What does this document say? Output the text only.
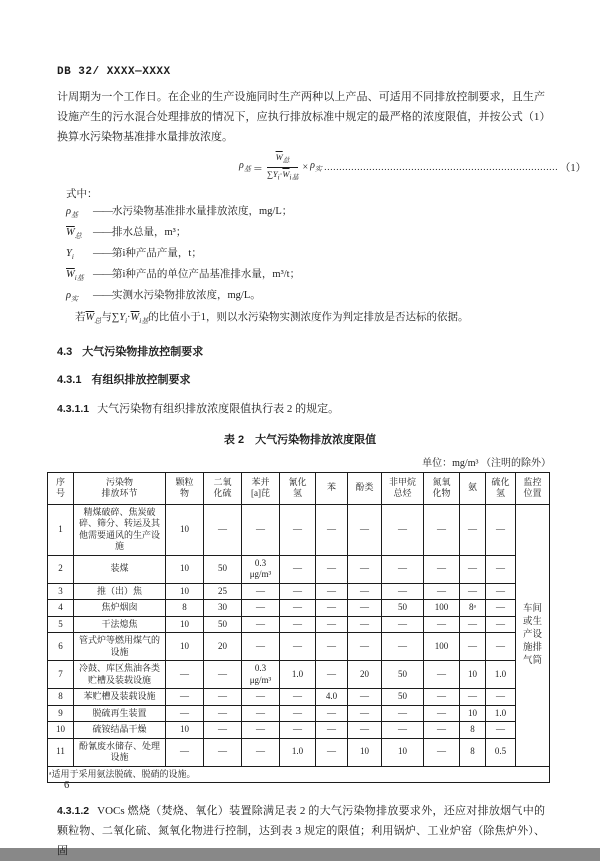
DB 32/ XXXX—XXXX
计周期为一个工作日。在企业的生产设施同时生产两种以上产品、可适用不同排放控制要求，且生产设施产生的污水混合处理排放的情况下，应执行排放标准中规定的最严格的浓度限值，并按公式（1）换算水污染物基准排水量排放浓度。
$\rho_基 = \frac{\overline{W}_总}{\sum Y_i\cdot\overline{W}_{i基}} \times \rho_实$ …………………………………………………………………… （1）
式中：
$\rho_基$ ——水污染物基准排水量排放浓度，mg/L；
$\overline{W}_总$ ——排水总量，m³；
$Y_i$ ——第i种产品产量，t；
$\overline{W}_{i基}$ ——第i种产品的单位产品基准排水量，m³/t；
$\rho_实$ ——实测水污染物排放浓度，mg/L。
若$\overline{W}_总$与$\sum Y_i\cdot\overline{W}_{i基}$的比值小于1，则以水污染物实测浓度作为判定排放是否达标的依据。
4.3 大气污染物排放控制要求
4.3.1 有组织排放控制要求
4.3.1.1 大气污染物有组织排放浓度限值执行表 2 的规定。
表 2　大气污染物排放浓度限值
单位：mg/m³ （注明的除外）
序
号	污染物
排放环节	颗粒
物	二氧
化硫	苯并
[a]芘	氰化
氢	苯	酚类	非甲烷
总烃	氮氧
化物	氨	硫化
氢	监控
位置
1	精煤破碎、焦炭破碎、筛分、转运及其他需要通风的生产设施	10	—	—	—	—	—	—	—	—	—	车间或生产设施排气筒

2	装煤	10	50	0.3
μg/m³	—	—	—	—	—	—	—	
3	推（出）焦	10	25	—	—	—	—	—	—	—	—	
4	焦炉烟囱	8	30	—	—	—	—	50	100	8ᵃ	—	
5	干法熄焦	10	50	—	—	—	—	—	—	—	—	
6	管式炉等燃用煤气的设施	10	20	—	—	—	—	—	100	—	—	
7	冷鼓、库区焦油各类贮槽及装载设施	—	—	0.3
μg/m³	1.0	—	20	50	—	10	1.0	
8	苯贮槽及装载设施	—	—	—	—	4.0	—	50	—	—	—	
9	脱硫再生装置	—	—	—	—	—	—	—	—	10	1.0	
10	硫铵结晶干燥	10	—	—	—	—	—	—	—	8	—	
11	酚氰废水储存、处理设施	—	—	—	1.0	—	10	10	—	8	0.5	
ᵃ适用于采用氨法脱硫、脱硝的设施。												
4.3.1.2 VOCs 燃烧（焚烧、氧化）装置除满足表 2 的大气污染物排放要求外，还应对排放烟气中的颗粒物、二氧化硫、氮氧化物进行控制，达到表 3 规定的限值；利用锅炉、工业炉窑（除焦炉外）、固
6
